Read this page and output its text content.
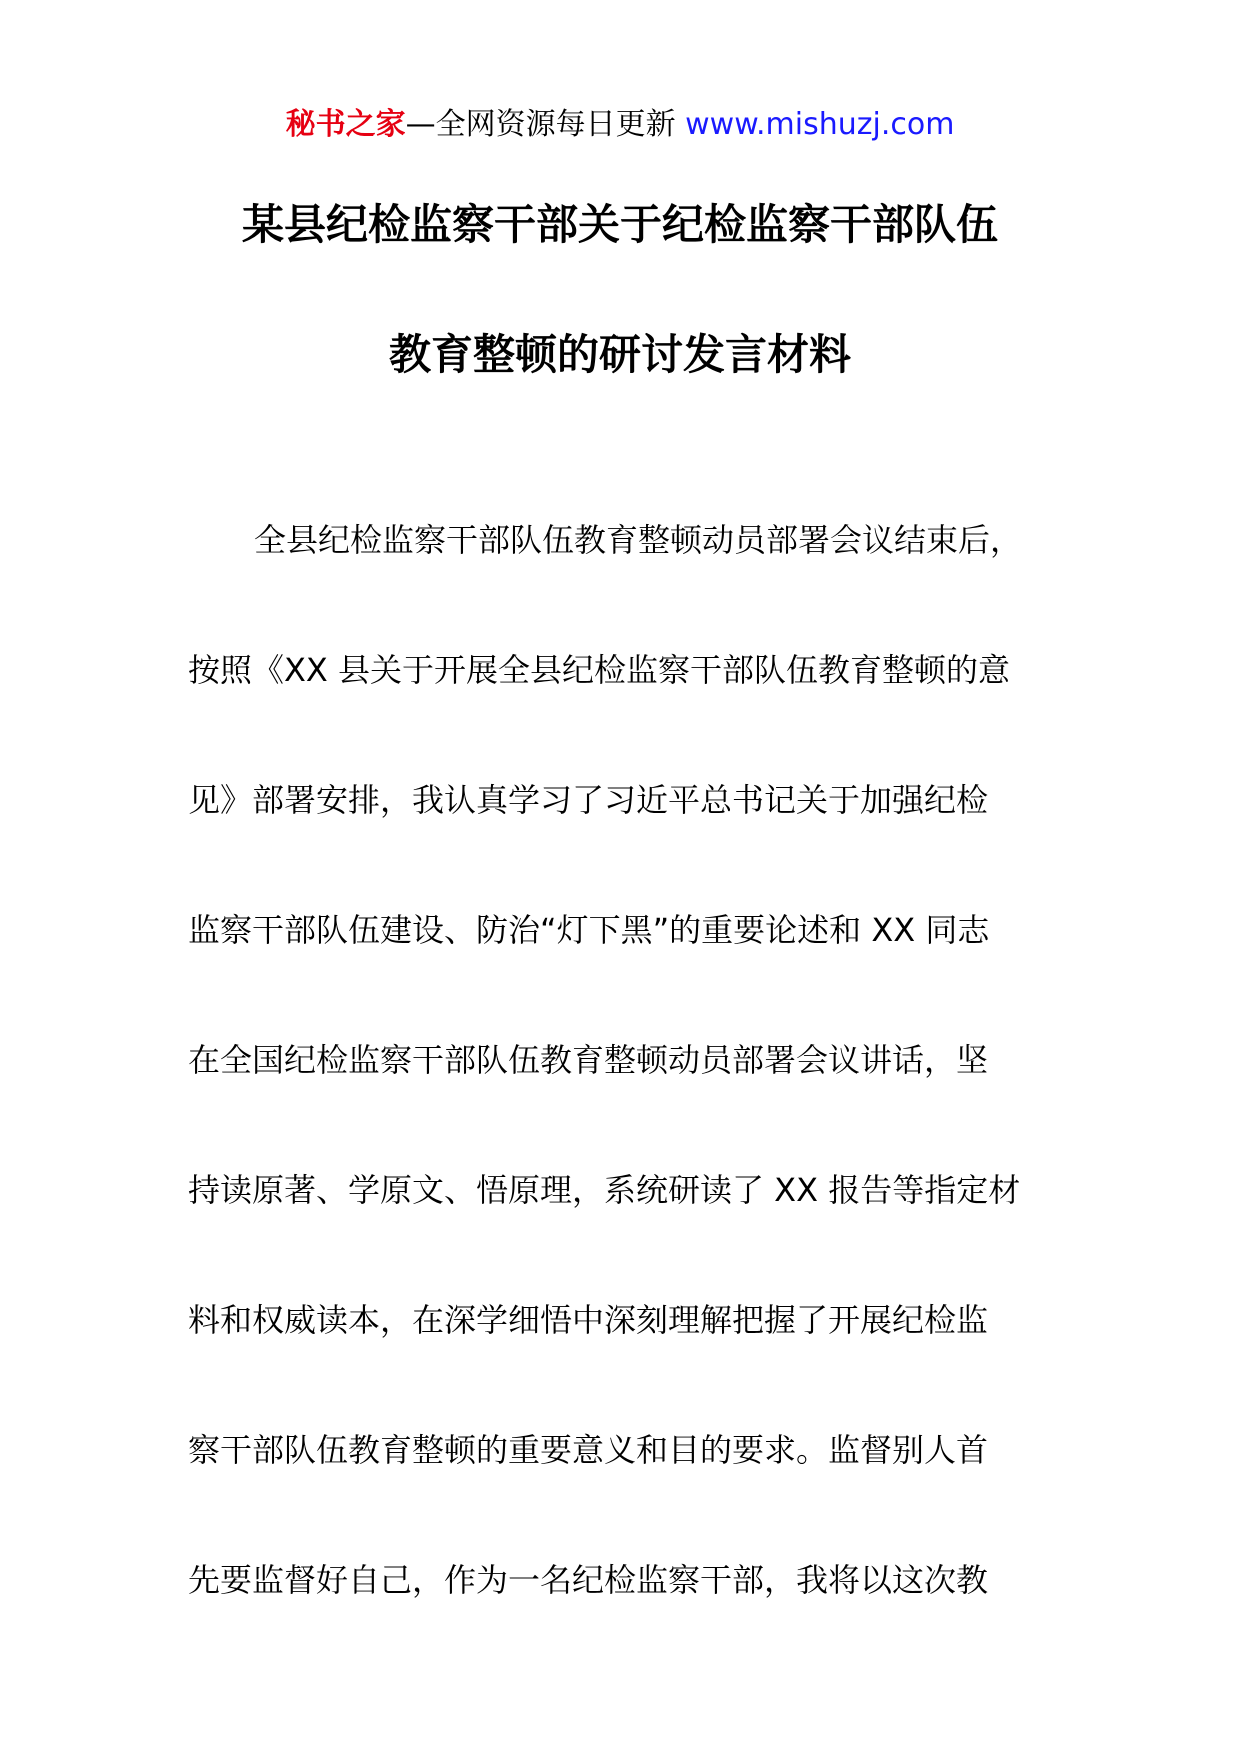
秘书之家—全网资源每日更新 www.mishuzj.com
某县纪检监察干部关于纪检监察干部队伍
教育整顿的研讨发言材料
全县纪检监察干部队伍教育整顿动员部署会议结束后，
按照《XX 县关于开展全县纪检监察干部队伍教育整顿的意
见》部署安排，我认真学习了习近平总书记关于加强纪检
监察干部队伍建设、防治“灯下黑”的重要论述和 XX 同志
在全国纪检监察干部队伍教育整顿动员部署会议讲话，坚
持读原著、学原文、悟原理，系统研读了 XX 报告等指定材
料和权威读本，在深学细悟中深刻理解把握了开展纪检监
察干部队伍教育整顿的重要意义和目的要求。监督别人首
先要监督好自己，作为一名纪检监察干部，我将以这次教
